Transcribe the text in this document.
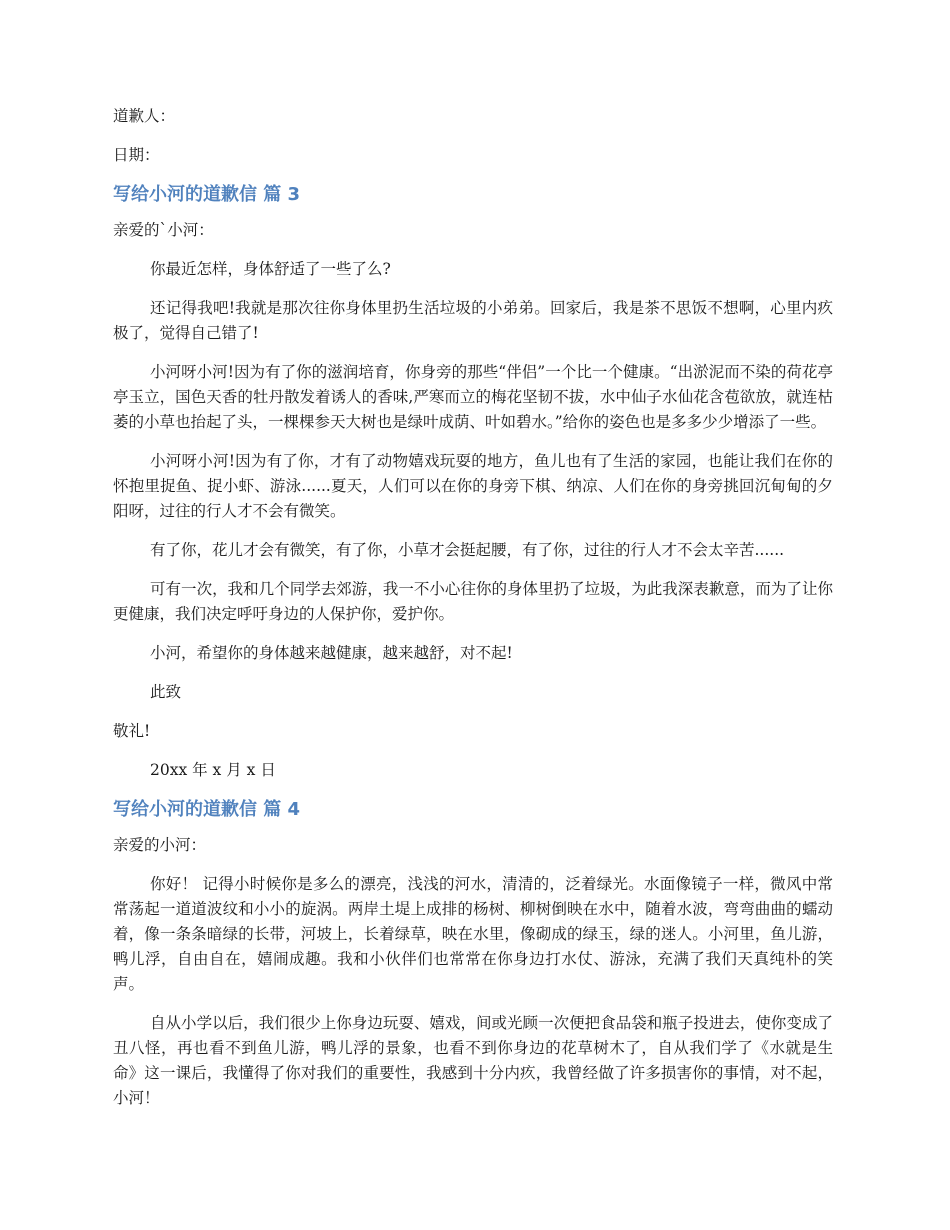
道歉人：

日期：

写给小河的道歉信 篇 3

亲爱的`小河：

你最近怎样，身体舒适了一些了么?

还记得我吧!我就是那次往你身体里扔生活垃圾的小弟弟。回家后，我是茶不思饭不想啊，心里内疚极了，觉得自己错了!

小河呀小河!因为有了你的滋润培育，你身旁的那些“伴侣”一个比一个健康。“出淤泥而不染的荷花亭亭玉立，国色天香的牡丹散发着诱人的香味,严寒而立的梅花坚韧不拔，水中仙子水仙花含苞欲放，就连枯萎的小草也抬起了头，一棵棵参天大树也是绿叶成荫、叶如碧水。”给你的姿色也是多多少少增添了一些。

小河呀小河!因为有了你，才有了动物嬉戏玩耍的地方，鱼儿也有了生活的家园，也能让我们在你的怀抱里捉鱼、捉小虾、游泳......夏天，人们可以在你的身旁下棋、纳凉、人们在你的身旁挑回沉甸甸的夕阳呀，过往的行人才不会有微笑。

有了你，花儿才会有微笑，有了你，小草才会挺起腰，有了你，过往的行人才不会太辛苦......

可有一次，我和几个同学去郊游，我一不小心往你的身体里扔了垃圾，为此我深表歉意，而为了让你更健康，我们决定呼吁身边的人保护你，爱护你。

小河，希望你的身体越来越健康，越来越舒，对不起!

此致

敬礼!

20xx 年 x 月 x 日

写给小河的道歉信 篇 4

亲爱的小河：

你好！ 记得小时候你是多么的漂亮，浅浅的河水，清清的，泛着绿光。水面像镜子一样，微风中常常荡起一道道波纹和小小的旋涡。两岸土堤上成排的杨树、柳树倒映在水中，随着水波，弯弯曲曲的蠕动着，像一条条暗绿的长带，河坡上，长着绿草，映在水里，像砌成的绿玉，绿的迷人。小河里，鱼儿游，鸭儿浮，自由自在，嬉闹成趣。我和小伙伴们也常常在你身边打水仗、游泳，充满了我们天真纯朴的笑声。

自从小学以后，我们很少上你身边玩耍、嬉戏，间或光顾一次便把食品袋和瓶子投进去，使你变成了丑八怪，再也看不到鱼儿游，鸭儿浮的景象，也看不到你身边的花草树木了，自从我们学了《水就是生命》这一课后，我懂得了你对我们的重要性，我感到十分内疚，我曾经做了许多损害你的事情，对不起，小河！
